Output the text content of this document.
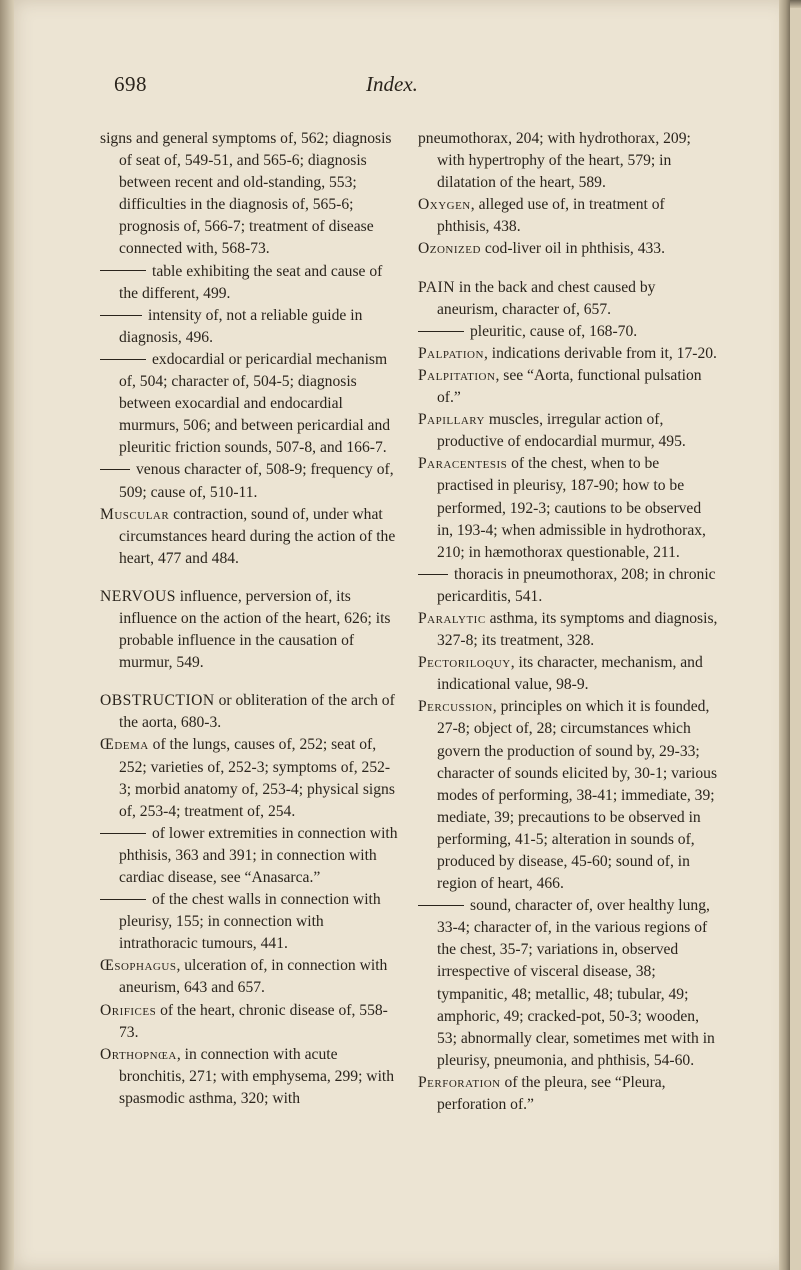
698	Index.

signs and general symptoms of, 562; diagnosis of seat of, 549-51, and 565-6; diagnosis between recent and old-standing, 553; difficulties in the diagnosis of, 565-6; prognosis of, 566-7; treatment of disease connected with, 568-73.

table exhibiting the seat and cause of the different, 499.

intensity of, not a reliable guide in diagnosis, 496.

exdocardial or pericardial mechanism of, 504; character of, 504-5; diagnosis between exocardial and endocardial murmurs, 506; and between pericardial and pleuritic friction sounds, 507-8, and 166-7.

venous character of, 508-9; frequency of, 509; cause of, 510-11.

Muscular contraction, sound of, under what circumstances heard during the action of the heart, 477 and 484.

NERVOUS influence, perversion of, its influence on the action of the heart, 626; its probable influence in the causation of murmur, 549.

OBSTRUCTION or obliteration of the arch of the aorta, 680-3.

Œdema of the lungs, causes of, 252; seat of, 252; varieties of, 252-3; symptoms of, 252-3; morbid anatomy of, 253-4; physical signs of, 253-4; treatment of, 254.

of lower extremities in connection with phthisis, 363 and 391; in connection with cardiac disease, see “Anasarca.”

of the chest walls in connection with pleurisy, 155; in connection with intrathoracic tumours, 441.

Œsophagus, ulceration of, in connection with aneurism, 643 and 657.

Orifices of the heart, chronic disease of, 558-73.

Orthopnœa, in connection with acute bronchitis, 271; with emphysema, 299; with spasmodic asthma, 320; with

pneumothorax, 204; with hydrothorax, 209; with hypertrophy of the heart, 579; in dilatation of the heart, 589.

Oxygen, alleged use of, in treatment of phthisis, 438.

Ozonized cod-liver oil in phthisis, 433.

PAIN in the back and chest caused by aneurism, character of, 657.

pleuritic, cause of, 168-70.

Palpation, indications derivable from it, 17-20.

Palpitation, see “Aorta, functional pulsation of.”

Papillary muscles, irregular action of, productive of endocardial murmur, 495.

Paracentesis of the chest, when to be practised in pleurisy, 187-90; how to be performed, 192-3; cautions to be observed in, 193-4; when admissible in hydrothorax, 210; in hæmothorax questionable, 211.

thoracis in pneumothorax, 208; in chronic pericarditis, 541.

Paralytic asthma, its symptoms and diagnosis, 327-8; its treatment, 328.

Pectoriloquy, its character, mechanism, and indicational value, 98-9.

Percussion, principles on which it is founded, 27-8; object of, 28; circumstances which govern the production of sound by, 29-33; character of sounds elicited by, 30-1; various modes of performing, 38-41; immediate, 39; mediate, 39; precautions to be observed in performing, 41-5; alteration in sounds of, produced by disease, 45-60; sound of, in region of heart, 466.

sound, character of, over healthy lung, 33-4; character of, in the various regions of the chest, 35-7; variations in, observed irrespective of visceral disease, 38; tympanitic, 48; metallic, 48; tubular, 49; amphoric, 49; cracked-pot, 50-3; wooden, 53; abnormally clear, sometimes met with in pleurisy, pneumonia, and phthisis, 54-60.

Perforation of the pleura, see “Pleura, perforation of.”
